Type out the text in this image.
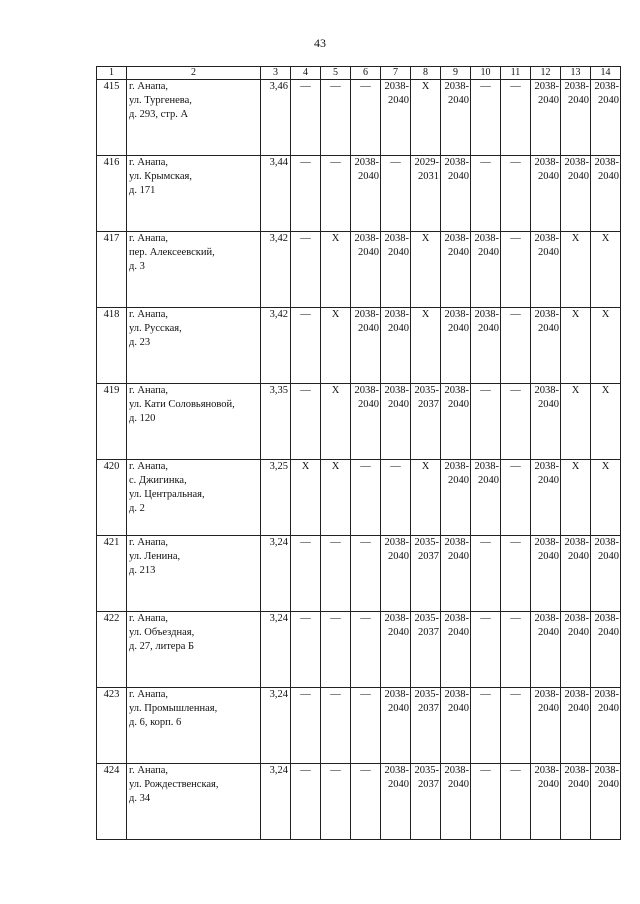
43
1	2	3	4	5	6	7	8	9	10	11	12	13	14
415	г. Анапа,
ул. Тургенева,
д. 293, стр. А	3,46	—	—	—	2038-
2040	X	2038-
2040	—	—	2038-
2040	2038-
2040	2038-
2040

416	г. Анапа,
ул. Крымская,
д. 171	3,44	—	—	2038-
2040	—	2029-
2031	2038-
2040	—	—	2038-
2040	2038-
2040	2038-
2040

417	г. Анапа,
пер. Алексеевский,
д. 3	3,42	—	X	2038-
2040	2038-
2040	X	2038-
2040	2038-
2040	—	2038-
2040	X	X
418	г. Анапа,
ул. Русская,
д. 23	3,42	—	X	2038-
2040	2038-
2040	X	2038-
2040	2038-
2040	—	2038-
2040	X	X
419	г. Анапа,
ул. Кати Соловьяновой,
д. 120	3,35	—	X	2038-
2040	2038-
2040	2035-
2037	2038-
2040	—	—	2038-
2040	X	X
420	г. Анапа,
с. Джигинка,
ул. Центральная,
д. 2	3,25	X	X	—	—	X	2038-
2040	2038-
2040	—	2038-
2040	X	X
421	г. Анапа,
ул. Ленина,
д. 213	3,24	—	—	—	2038-
2040	2035-
2037	2038-
2040	—	—	2038-
2040	2038-
2040	2038-
2040

422	г. Анапа,
ул. Объездная,
д. 27, литера Б	3,24	—	—	—	2038-
2040	2035-
2037	2038-
2040	—	—	2038-
2040	2038-
2040	2038-
2040

423	г. Анапа,
ул. Промышленная,
д. 6, корп. 6	3,24	—	—	—	2038-
2040	2035-
2037	2038-
2040	—	—	2038-
2040	2038-
2040	2038-
2040

424	г. Анапа,
ул. Рождественская,
д. 34	3,24	—	—	—	2038-
2040	2035-
2037	2038-
2040	—	—	2038-
2040	2038-
2040	2038-
2040
